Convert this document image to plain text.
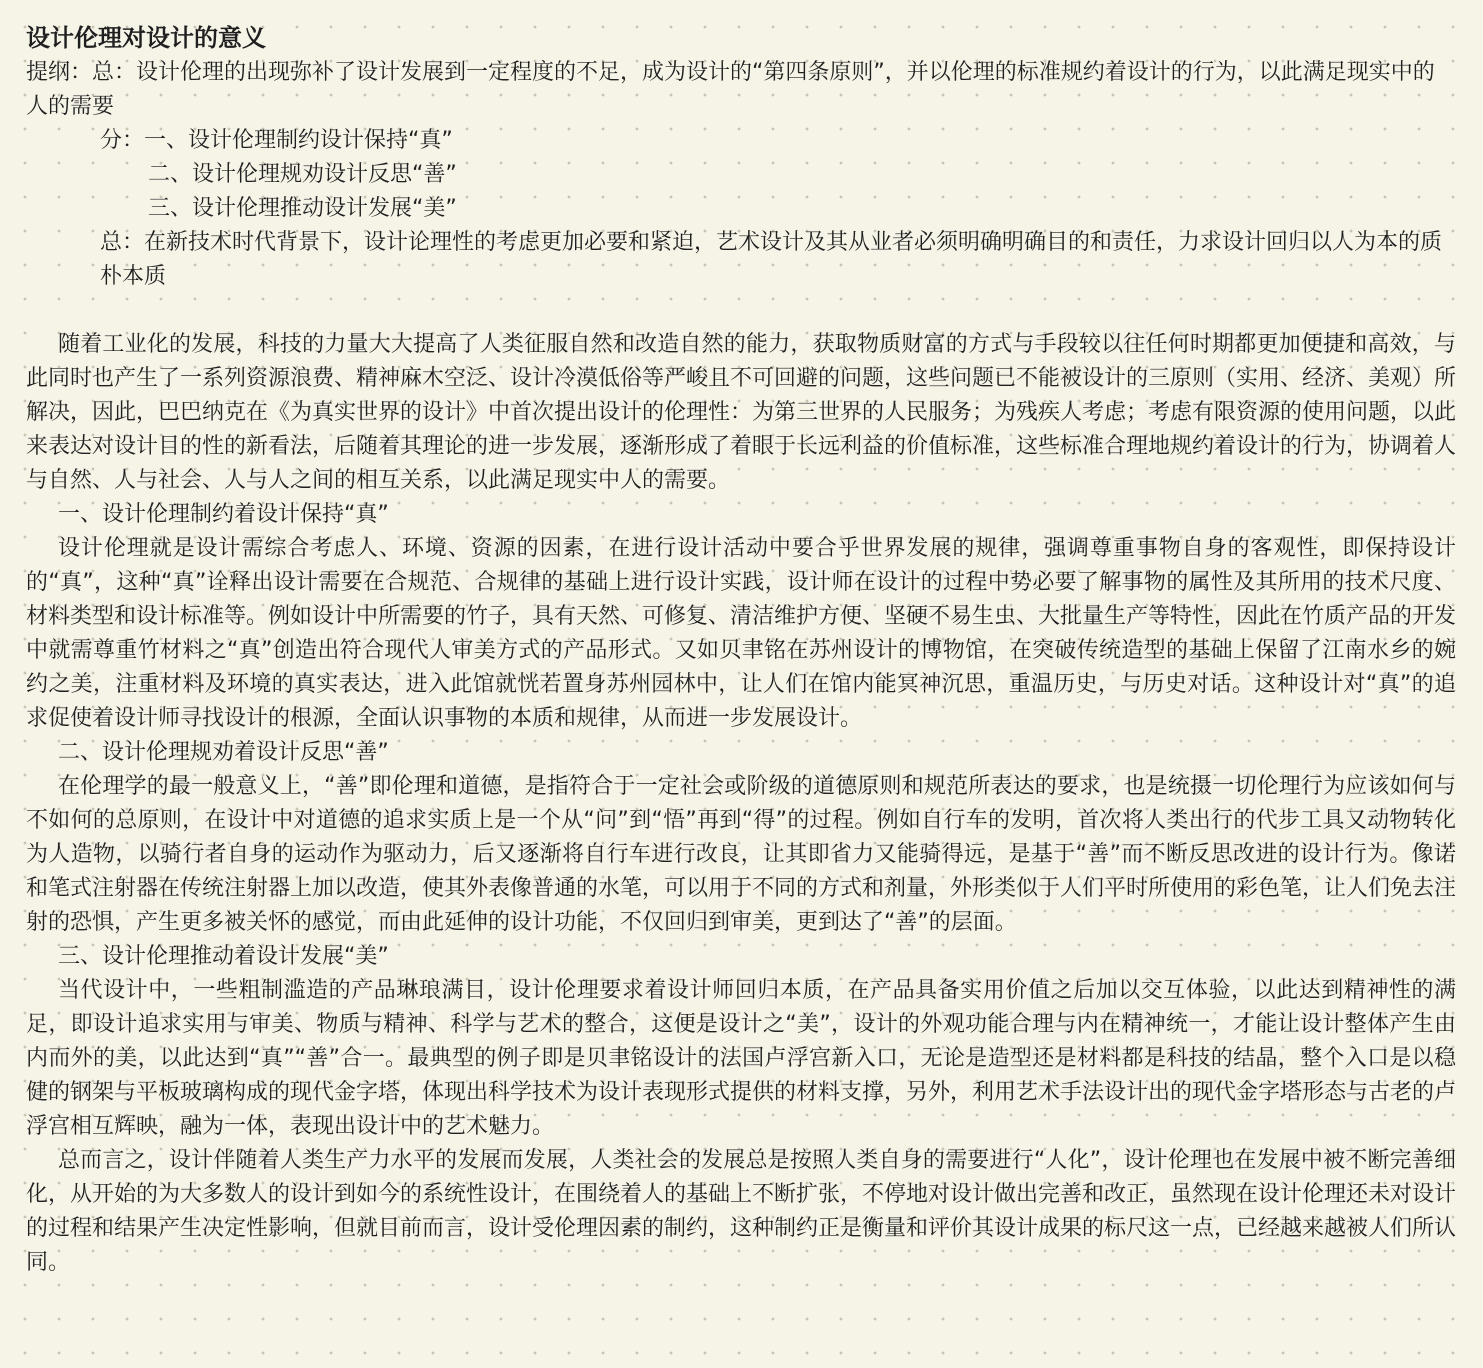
设计伦理对设计的意义

提纲：总：设计伦理的出现弥补了设计发展到一定程度的不足，成为设计的“第四条原则”，并以伦理的标准规约着设计的行为，以此满足现实中的人的需要

分：一、设计伦理制约设计保持“真”

二、设计伦理规劝设计反思“善”

三、设计伦理推动设计发展“美”

总：在新技术时代背景下，设计论理性的考虑更加必要和紧迫，艺术设计及其从业者必须明确明确目的和责任，力求设计回归以人为本的质朴本质

随着工业化的发展，科技的力量大大提高了人类征服自然和改造自然的能力，获取物质财富的方式与手段较以往任何时期都更加便捷和高效，与此同时也产生了一系列资源浪费、精神麻木空泛、设计冷漠低俗等严峻且不可回避的问题，这些问题已不能被设计的三原则（实用、经济、美观）所解决，因此，巴巴纳克在《为真实世界的设计》中首次提出设计的伦理性：为第三世界的人民服务；为残疾人考虑；考虑有限资源的使用问题，以此来表达对设计目的性的新看法，后随着其理论的进一步发展，逐渐形成了着眼于长远利益的价值标准，这些标准合理地规约着设计的行为，协调着人与自然、人与社会、人与人之间的相互关系，以此满足现实中人的需要。

一、设计伦理制约着设计保持“真”

设计伦理就是设计需综合考虑人、环境、资源的因素，在进行设计活动中要合乎世界发展的规律，强调尊重事物自身的客观性，即保持设计的“真”，这种“真”诠释出设计需要在合规范、合规律的基础上进行设计实践，设计师在设计的过程中势必要了解事物的属性及其所用的技术尺度、材料类型和设计标准等。例如设计中所需要的竹子，具有天然、可修复、清洁维护方便、坚硬不易生虫、大批量生产等特性，因此在竹质产品的开发中就需尊重竹材料之“真”创造出符合现代人审美方式的产品形式。又如贝聿铭在苏州设计的博物馆，在突破传统造型的基础上保留了江南水乡的婉约之美，注重材料及环境的真实表达，进入此馆就恍若置身苏州园林中，让人们在馆内能冥神沉思，重温历史，与历史对话。这种设计对“真”的追求促使着设计师寻找设计的根源，全面认识事物的本质和规律，从而进一步发展设计。

二、设计伦理规劝着设计反思“善”

在伦理学的最一般意义上，“善”即伦理和道德，是指符合于一定社会或阶级的道德原则和规范所表达的要求，也是统摄一切伦理行为应该如何与不如何的总原则，在设计中对道德的追求实质上是一个从“问”到“悟”再到“得”的过程。例如自行车的发明，首次将人类出行的代步工具又动物转化为人造物，以骑行者自身的运动作为驱动力，后又逐渐将自行车进行改良，让其即省力又能骑得远，是基于“善”而不断反思改进的设计行为。像诺和笔式注射器在传统注射器上加以改造，使其外表像普通的水笔，可以用于不同的方式和剂量，外形类似于人们平时所使用的彩色笔，让人们免去注射的恐惧，产生更多被关怀的感觉，而由此延伸的设计功能，不仅回归到审美，更到达了“善”的层面。

三、设计伦理推动着设计发展“美”

当代设计中，一些粗制滥造的产品琳琅满目，设计伦理要求着设计师回归本质，在产品具备实用价值之后加以交互体验，以此达到精神性的满足，即设计追求实用与审美、物质与精神、科学与艺术的整合，这便是设计之“美”，设计的外观功能合理与内在精神统一，才能让设计整体产生由内而外的美，以此达到“真”“善”合一。最典型的例子即是贝聿铭设计的法国卢浮宫新入口，无论是造型还是材料都是科技的结晶，整个入口是以稳健的钢架与平板玻璃构成的现代金字塔，体现出科学技术为设计表现形式提供的材料支撑，另外，利用艺术手法设计出的现代金字塔形态与古老的卢浮宫相互辉映，融为一体，表现出设计中的艺术魅力。

总而言之，设计伴随着人类生产力水平的发展而发展，人类社会的发展总是按照人类自身的需要进行“人化”，设计伦理也在发展中被不断完善细化，从开始的为大多数人的设计到如今的系统性设计，在围绕着人的基础上不断扩张，不停地对设计做出完善和改正，虽然现在设计伦理还未对设计的过程和结果产生决定性影响，但就目前而言，设计受伦理因素的制约，这种制约正是衡量和评价其设计成果的标尺这一点，已经越来越被人们所认同。
